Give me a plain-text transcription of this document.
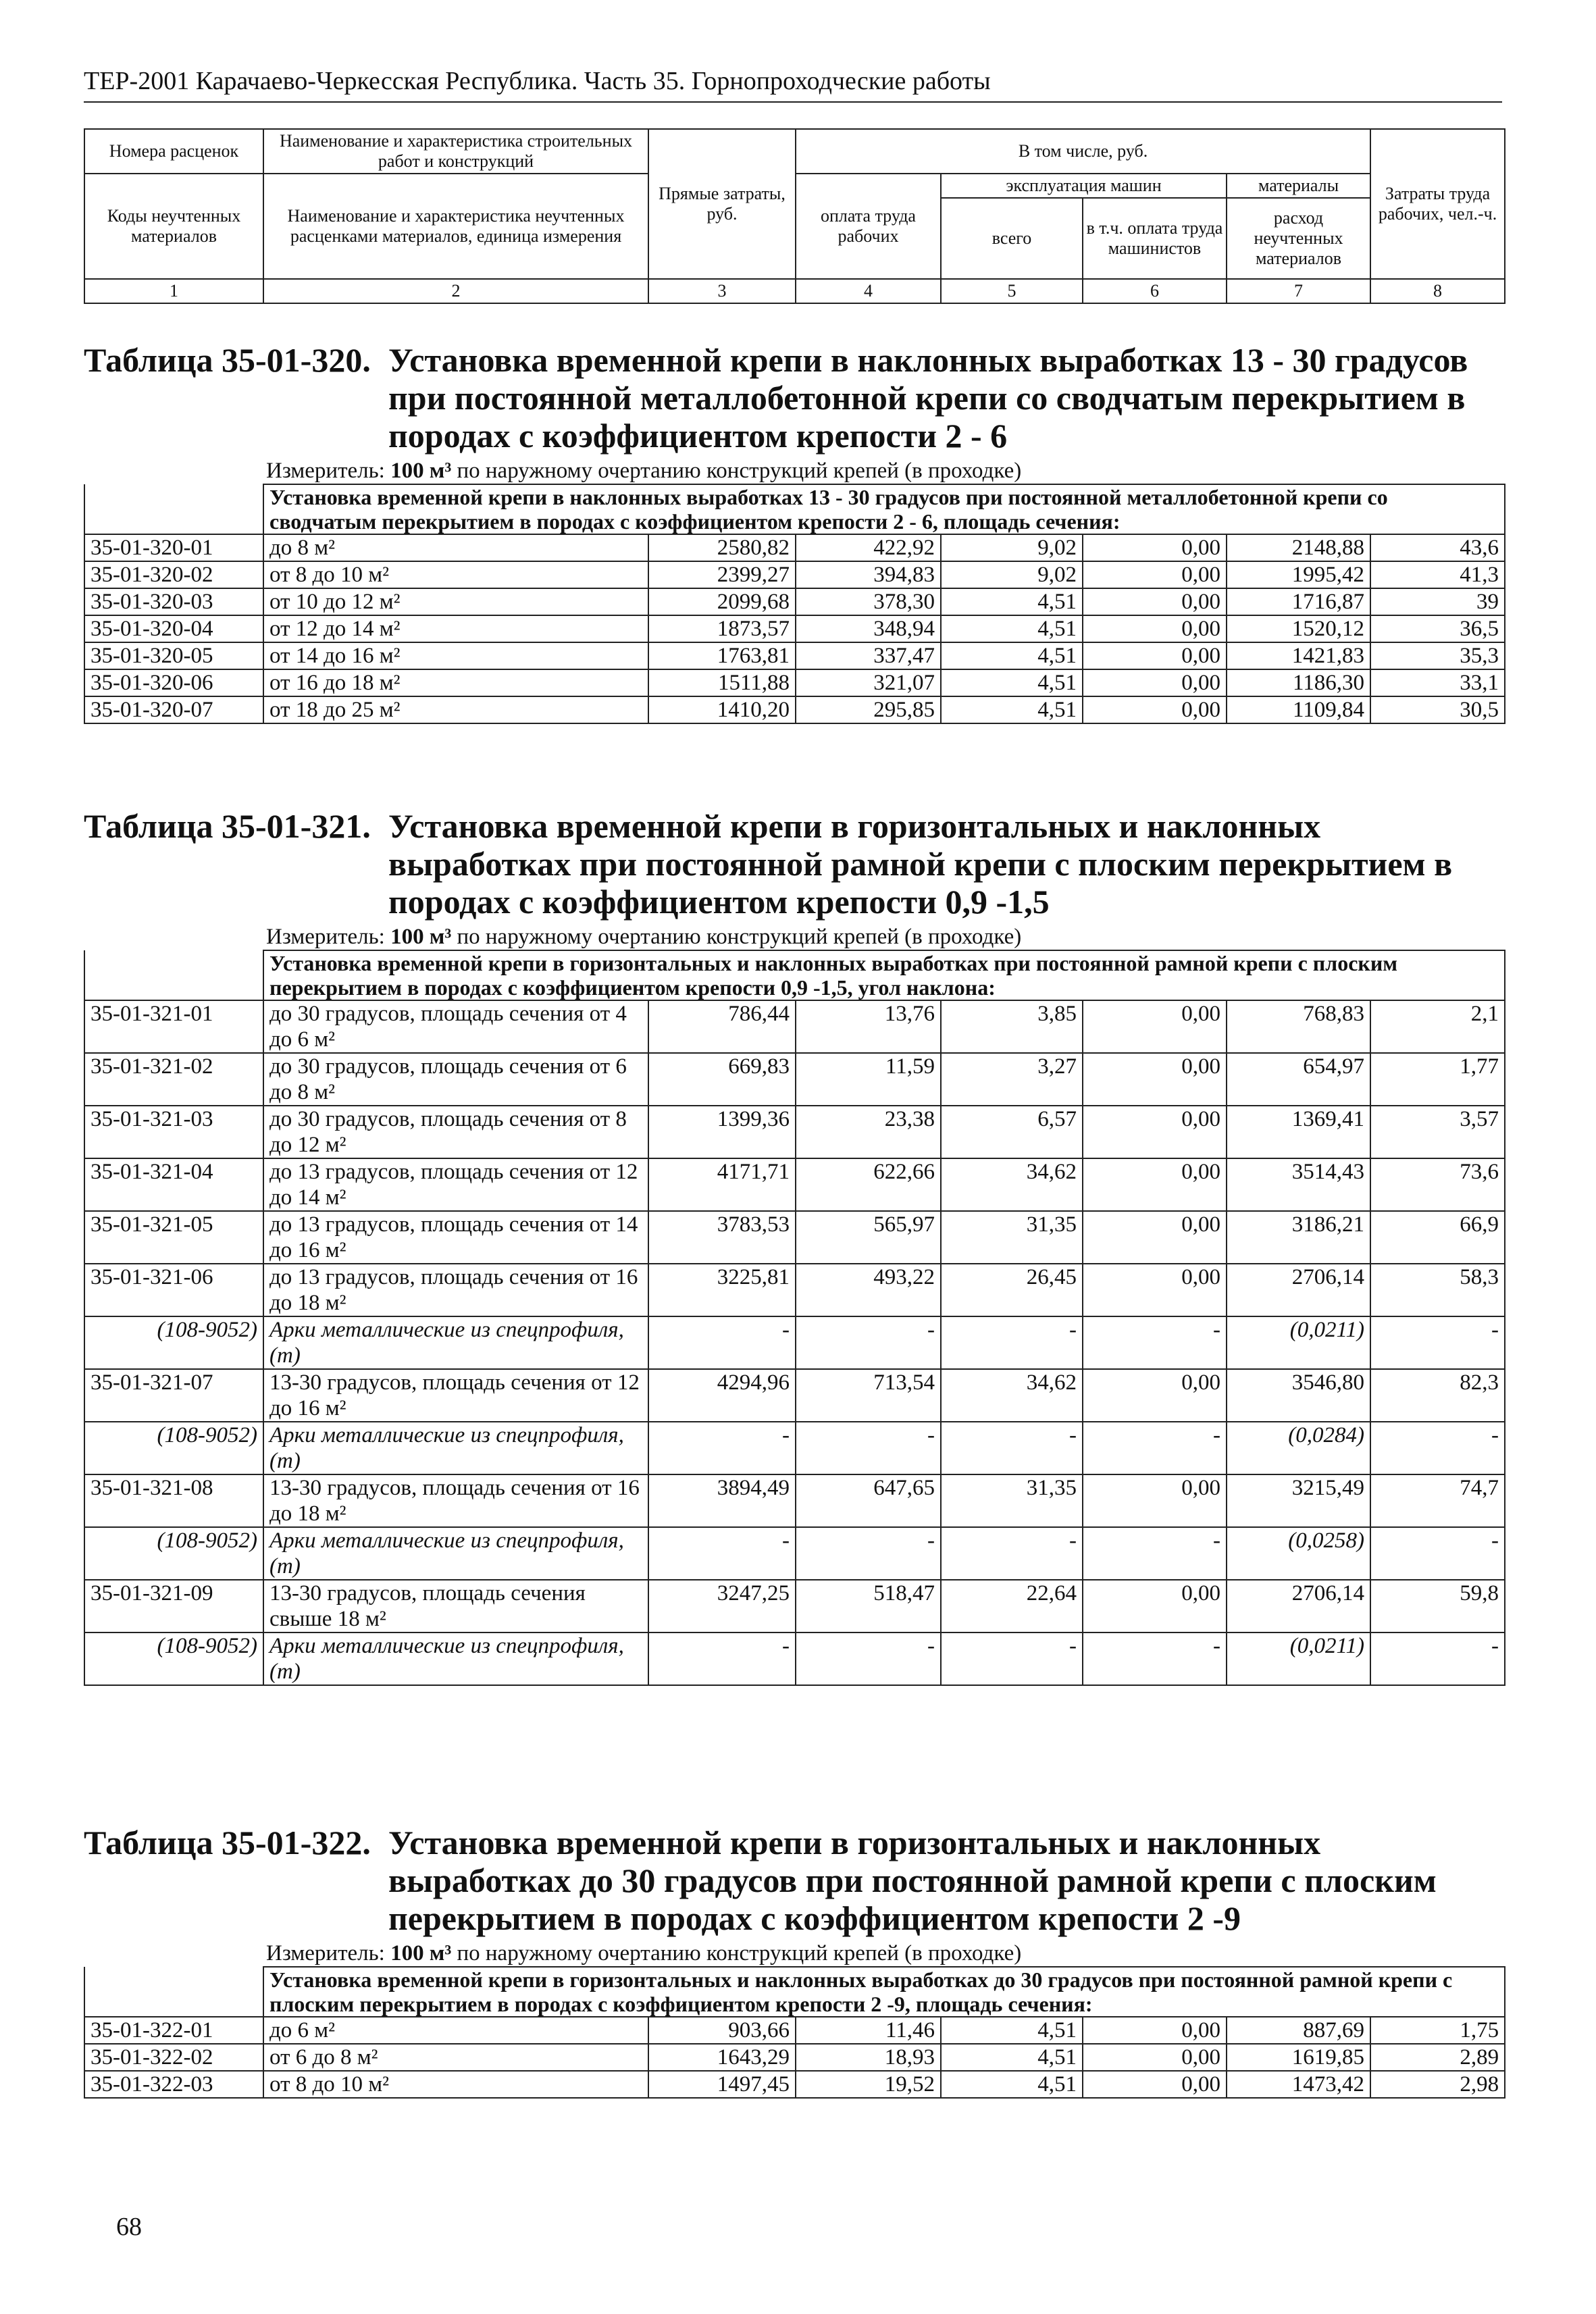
ТЕР-2001 Карачаево-Черкесская Республика. Часть 35. Горнопроходческие работы
Номера расценок	Наименование и характеристика строительных работ и конструкций	Прямые затраты, руб.	В том числе, руб.				Затраты труда рабочих, чел.-ч.
Коды неучтенных материалов	Наименование и характеристика неучтенных расценками материалов, единица измерения		оплата труда рабочих	эксплуатация машин		материалы	
				всего	в т.ч. оплата труда машинистов	расход неучтенных материалов	
1	2	3	4	5	6	7	8
Таблица 35-01-320. Установка временной крепи в наклонных выработках 13 - 30 градусов при постоянной металлобетонной крепи со сводчатым перекрытием в породах с коэффициентом крепости 2 - 6
Измеритель: 100 м³ по наружному очертанию конструкций крепей (в проходке)
	Установка временной крепи в наклонных выработках 13 - 30 градусов при постоянной металлобетонной крепи со сводчатым перекрытием в породах с коэффициентом крепости 2 - 6, площадь сечения:						
35-01-320-01	до 8 м²	2580,82	422,92	9,02	0,00	2148,88	43,6
35-01-320-02	от 8 до 10 м²	2399,27	394,83	9,02	0,00	1995,42	41,3
35-01-320-03	от 10 до 12 м²	2099,68	378,30	4,51	0,00	1716,87	39
35-01-320-04	от 12 до 14 м²	1873,57	348,94	4,51	0,00	1520,12	36,5
35-01-320-05	от 14 до 16 м²	1763,81	337,47	4,51	0,00	1421,83	35,3
35-01-320-06	от 16 до 18 м²	1511,88	321,07	4,51	0,00	1186,30	33,1
35-01-320-07	от 18 до 25 м²	1410,20	295,85	4,51	0,00	1109,84	30,5
Таблица 35-01-321. Установка временной крепи в горизонтальных и наклонных выработках при постоянной рамной крепи с плоским перекрытием в породах с коэффициентом крепости 0,9 -1,5
Измеритель: 100 м³ по наружному очертанию конструкций крепей (в проходке)
	Установка временной крепи в горизонтальных и наклонных выработках при постоянной рамной крепи с плоским перекрытием в породах с коэффициентом крепости 0,9 -1,5, угол наклона:						
35-01-321-01	до 30 градусов, площадь сечения от 4 до 6 м²	786,44	13,76	3,85	0,00	768,83	2,1
35-01-321-02	до 30 градусов, площадь сечения от 6 до 8 м²	669,83	11,59	3,27	0,00	654,97	1,77
35-01-321-03	до 30 градусов, площадь сечения от 8 до 12 м²	1399,36	23,38	6,57	0,00	1369,41	3,57
35-01-321-04	до 13 градусов, площадь сечения от 12 до 14 м²	4171,71	622,66	34,62	0,00	3514,43	73,6
35-01-321-05	до 13 градусов, площадь сечения от 14 до 16 м²	3783,53	565,97	31,35	0,00	3186,21	66,9
35-01-321-06	до 13 градусов, площадь сечения от 16 до 18 м²	3225,81	493,22	26,45	0,00	2706,14	58,3
(108-9052)	Арки металлические из спецпрофиля, (т)	-	-	-	-	(0,0211)	-
35-01-321-07	13-30 градусов, площадь сечения от 12 до 16 м²	4294,96	713,54	34,62	0,00	3546,80	82,3
(108-9052)	Арки металлические из спецпрофиля, (т)	-	-	-	-	(0,0284)	-
35-01-321-08	13-30 градусов, площадь сечения от 16 до 18 м²	3894,49	647,65	31,35	0,00	3215,49	74,7
(108-9052)	Арки металлические из спецпрофиля, (т)	-	-	-	-	(0,0258)	-
35-01-321-09	13-30 градусов, площадь сечения свыше 18 м²	3247,25	518,47	22,64	0,00	2706,14	59,8
(108-9052)	Арки металлические из спецпрофиля, (т)	-	-	-	-	(0,0211)	-
Таблица 35-01-322. Установка временной крепи в горизонтальных и наклонных выработках до 30 градусов при постоянной рамной крепи с плоским перекрытием в породах с коэффициентом крепости 2 -9
Измеритель: 100 м³ по наружному очертанию конструкций крепей (в проходке)
	Установка временной крепи в горизонтальных и наклонных выработках до 30 градусов при постоянной рамной крепи с плоским перекрытием в породах с коэффициентом крепости 2 -9, площадь сечения:						
35-01-322-01	до 6 м²	903,66	11,46	4,51	0,00	887,69	1,75
35-01-322-02	от 6 до 8 м²	1643,29	18,93	4,51	0,00	1619,85	2,89
35-01-322-03	от 8 до 10 м²	1497,45	19,52	4,51	0,00	1473,42	2,98
68
